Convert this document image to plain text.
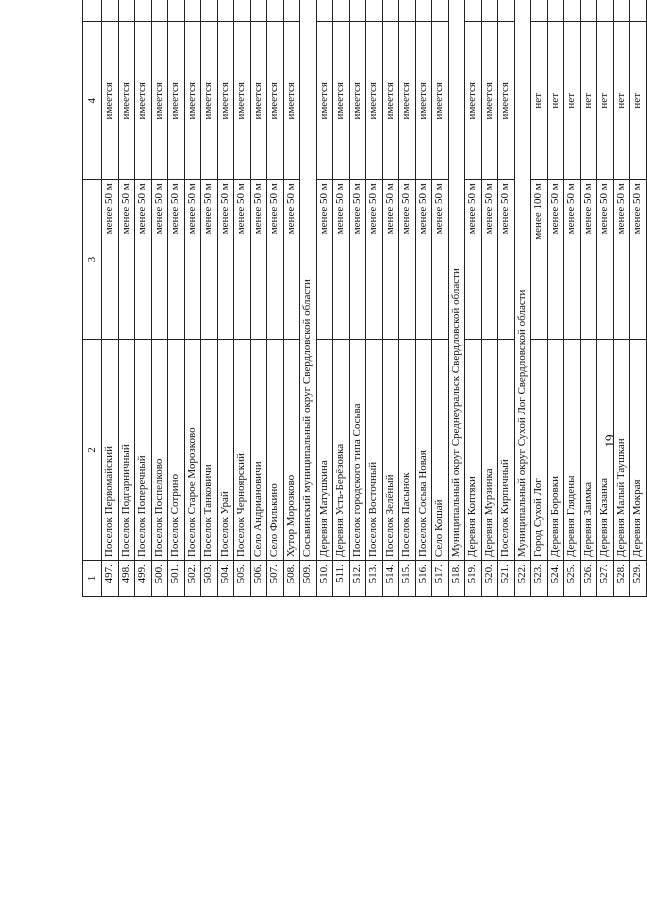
19
1	2	3	4	
497.	Поселок Первомайский	менее 50 м	имеется	
498.	Поселок Подгарничный	менее 50 м	имеется	
499.	Поселок Поперечный	менее 50 м	имеется	
500.	Поселок Поспелково	менее 50 м	имеется	
501.	Поселок Сотрино	менее 50 м	имеется	
502.	Поселок Старое Морозково	менее 50 м	имеется	
503.	Поселок Танковичи	менее 50 м	имеется	
504.	Поселок Урай	менее 50 м	имеется	
505.	Поселок Черноярский	менее 50 м	имеется	
506.	Село Андриановичи	менее 50 м	имеется	
507.	Село Филькино	менее 50 м	имеется	
508.	Хутор Морозково	менее 50 м	имеется	
509.	Сосьвинский муниципальный округ Свердловской области			
510.	Деревня Матушкина	менее 50 м	имеется	
511.	Деревня Усть-Берёзовка	менее 50 м	имеется	
512.	Поселок городского типа Сосьва	менее 50 м	имеется	
513.	Поселок Восточный	менее 50 м	имеется	
514.	Поселок Зелёный	менее 50 м	имеется	
515.	Поселок Пасынок	менее 50 м	имеется	
516.	Поселок Сосьва Новая	менее 50 м	имеется	
517.	Село Кошай	менее 50 м	имеется	
518.	Муниципальный округ Среднеуральск Свердловской области			
519.	Деревня Коптяки	менее 50 м	имеется	
520.	Деревня Мурзинка	менее 50 м	имеется	
521.	Поселок Кирпичный	менее 50 м	имеется	
522.	Муниципальный округ Сухой Лог Свердловской области			
523.	Город Сухой Лог	менее 100 м	нет	
524.	Деревня Боровки	менее 50 м	нет	
525.	Деревня Глядены	менее 50 м	нет	
526.	Деревня Заимка	менее 50 м	нет	
527.	Деревня Казанка	менее 50 м	нет	
528.	Деревня Малый Таушкан	менее 50 м	нет	
529.	Деревня Мокрая	менее 50 м	нет	
